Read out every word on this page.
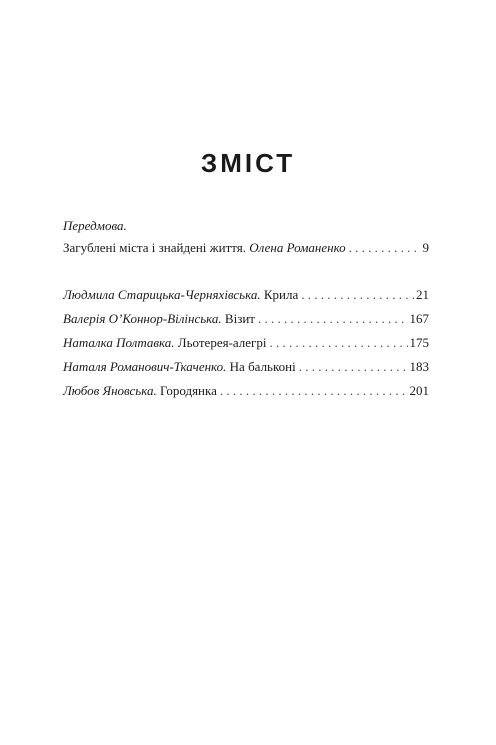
ЗМІСТ
Передмова.
Загублені міста і знайдені життя. Олена Романенко . . .	9
Людмила Старицька-Черняхівська. Крила . . .	21
Валерія О’Коннор-Вілінська. Візит . . .	167
Наталка Полтавка. Льотерея-алегрі . . .	175
Наталя Романович-Ткаченко. На бальконі . . .	183
Любов Яновська. Городянка . . .	201
